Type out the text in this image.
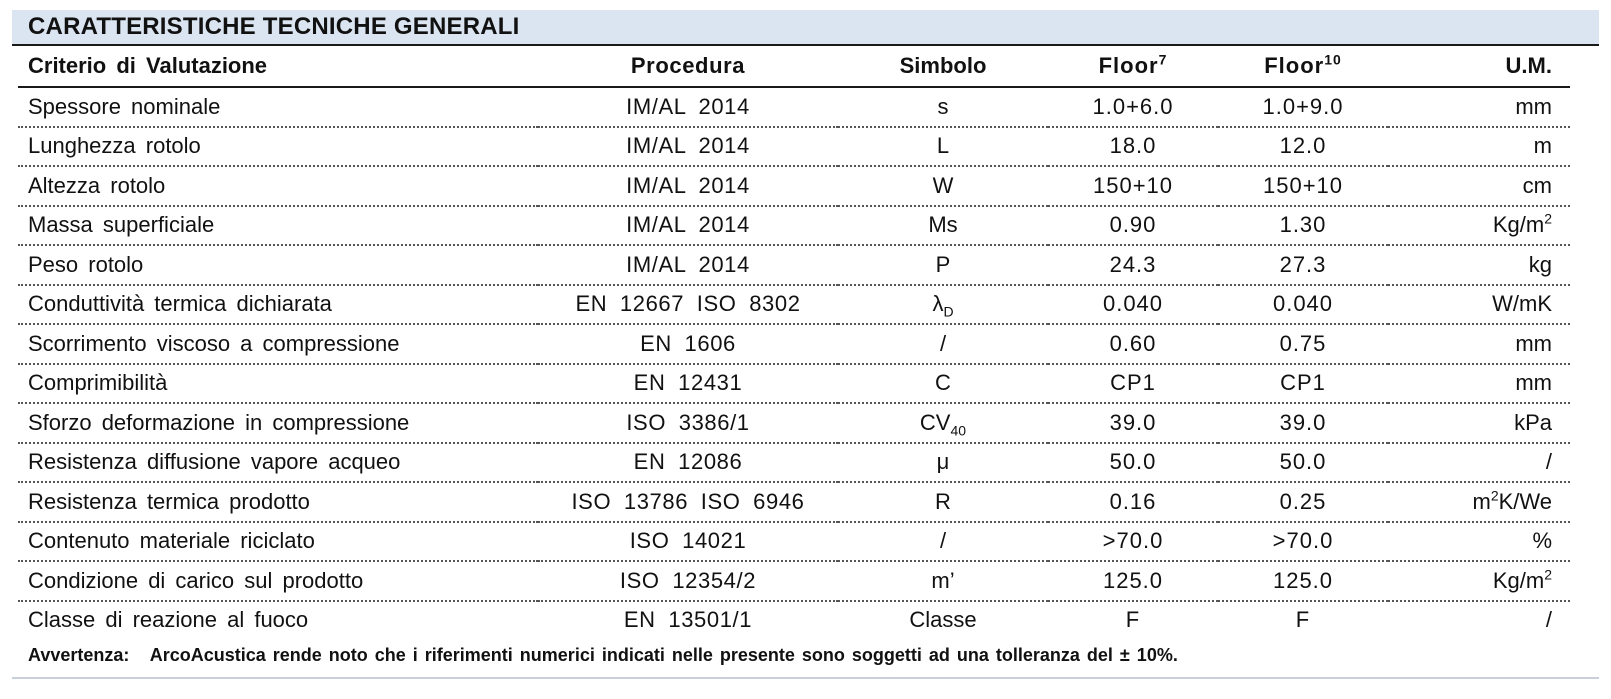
CARATTERISTICHE TECNICHE GENERALI
Criterio di Valutazione	Procedura	Simbolo	Floor$^7$	Floor$^{10}$	U.M.
Spessore nominale	IM/AL 2014	s	1.0+6.0	1.0+9.0	mm
Lunghezza rotolo	IM/AL 2014	L	18.0	12.0	m
Altezza rotolo	IM/AL 2014	W	150+10	150+10	cm
Massa superficiale	IM/AL 2014	Ms	0.90	1.30	$Kg/m^2$
Peso rotolo	IM/AL 2014	P	24.3	27.3	kg
Conduttività termica dichiarata	EN 12667 ISO 8302	$\lambda_D$	0.040	0.040	W/mK
Scorrimento viscoso a compressione	EN 1606	/	0.60	0.75	mm
Comprimibilità	EN 12431	C	CP1	CP1	mm
Sforzo deformazione in compressione	ISO 3386/1	$CV_{40}$	39.0	39.0	kPa
Resistenza diffusione vapore acqueo	EN 12086	μ	50.0	50.0	/
Resistenza termica prodotto	ISO 13786 ISO 6946	R	0.16	0.25	$m^2K/We$
Contenuto materiale riciclato	ISO 14021	/	>70.0	>70.0	%
Condizione di carico sul prodotto	ISO 12354/2	m’	125.0	125.0	$Kg/m^2$
Classe di reazione al fuoco	EN 13501/1	Classe	F	F	/
Avvertenza: ArcoAcustica rende noto che i riferimenti numerici indicati nelle presente sono soggetti ad una tolleranza del ± 10%.
